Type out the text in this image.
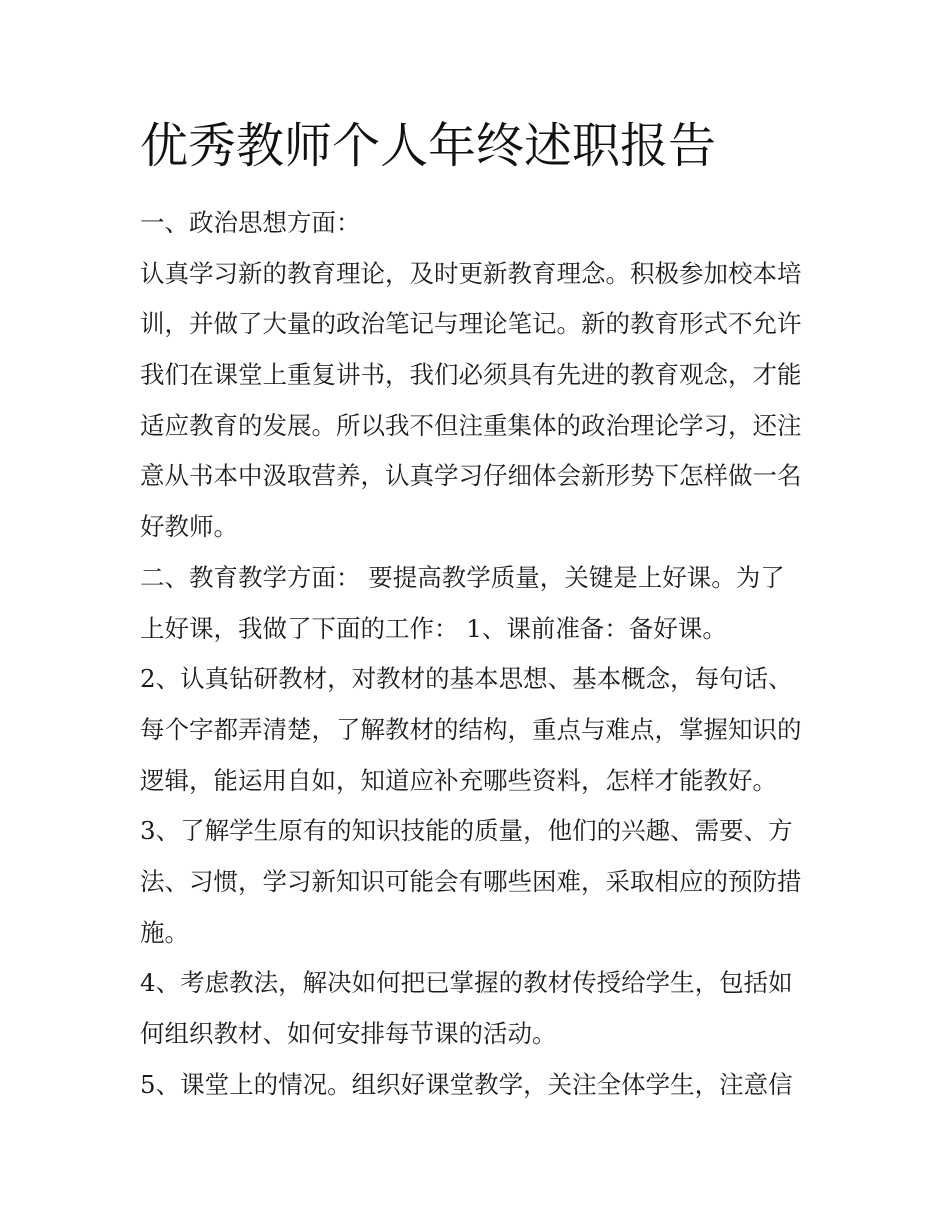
优秀教师个人年终述职报告

一、政治思想方面：

认真学习新的教育理论，及时更新教育理念。积极参加校本培

训，并做了大量的政治笔记与理论笔记。新的教育形式不允许

我们在课堂上重复讲书，我们必须具有先进的教育观念，才能

适应教育的发展。所以我不但注重集体的政治理论学习，还注

意从书本中汲取营养，认真学习仔细体会新形势下怎样做一名

好教师。

二、教育教学方面： 要提高教学质量，关键是上好课。为了

上好课，我做了下面的工作： 1、课前准备：备好课。

2、认真钻研教材，对教材的基本思想、基本概念，每句话、

每个字都弄清楚，了解教材的结构，重点与难点，掌握知识的

逻辑，能运用自如，知道应补充哪些资料，怎样才能教好。

3、了解学生原有的知识技能的质量，他们的兴趣、需要、方

法、习惯，学习新知识可能会有哪些困难，采取相应的预防措

施。

4、考虑教法，解决如何把已掌握的教材传授给学生，包括如

何组织教材、如何安排每节课的活动。

5、课堂上的情况。组织好课堂教学，关注全体学生，注意信
